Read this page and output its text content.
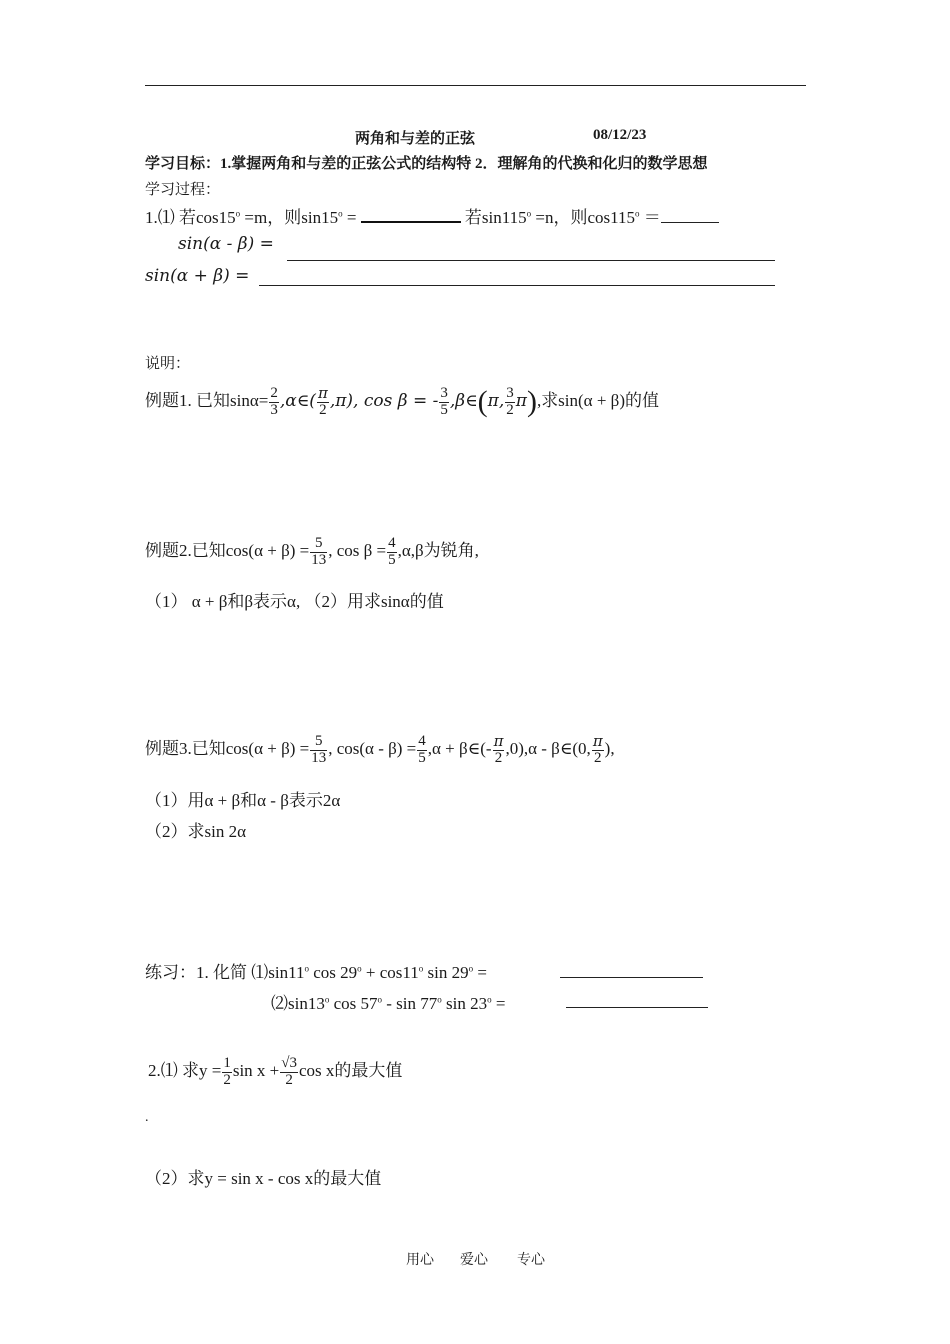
两角和与差的正弦	08/12/23
学习目标：1.掌握两角和与差的正弦公式的结构特 2．理解角的代换和化归的数学思想
学习过程：
1.⑴ 若$\cos 15^o =m$，则$\sin 15^o$ =	若$\sin 115^o =n$，则$\cos 115^o$ ＝
sin(α - β) =
sin(α + β) =
说明：
例题1. 已知$\sin\alpha= \frac{2}{3}$ ,α∈( $\frac{\pi}{2} ,\pi$), cos β = - $\frac{3}{5}$ ,β∈(π, $\frac{3}{2} \pi$),求sin(α + β)的值
例题2.已知$\cos(\alpha + \beta) = \frac{5}{13}$ , $\cos \beta = \frac{4}{5} ,\alpha,\beta$为锐角,
（1） α + β和β表示α, （2）用求sinα的值
例题3.已知$\cos(\alpha + \beta) = \frac{5}{13}$ , $\cos(\alpha - \beta) = \frac{4}{5} ,\alpha$ + β∈(- $\frac{\pi}{2} ,0),\alpha$ - β∈(0, $\frac{\pi}{2}$ ),
（1）用α + β和α - β表示2α
（2）求sin 2α
练习：1. 化简 ⑴sin11$^o$ $\cos 29^o + \cos 11^o$ $\sin 29^o$ =
$⑵\sin 13^o$ cos 57$^o$ - sin 77$^o$ $\sin 23^o$ =
2.⑴ 求$y = \frac{1}{2}$ $\sin x + \frac{√3}{2}$ cos x的最大值
.
（2）求y = sin x - cos x的最大值
用心 爱心 专心
